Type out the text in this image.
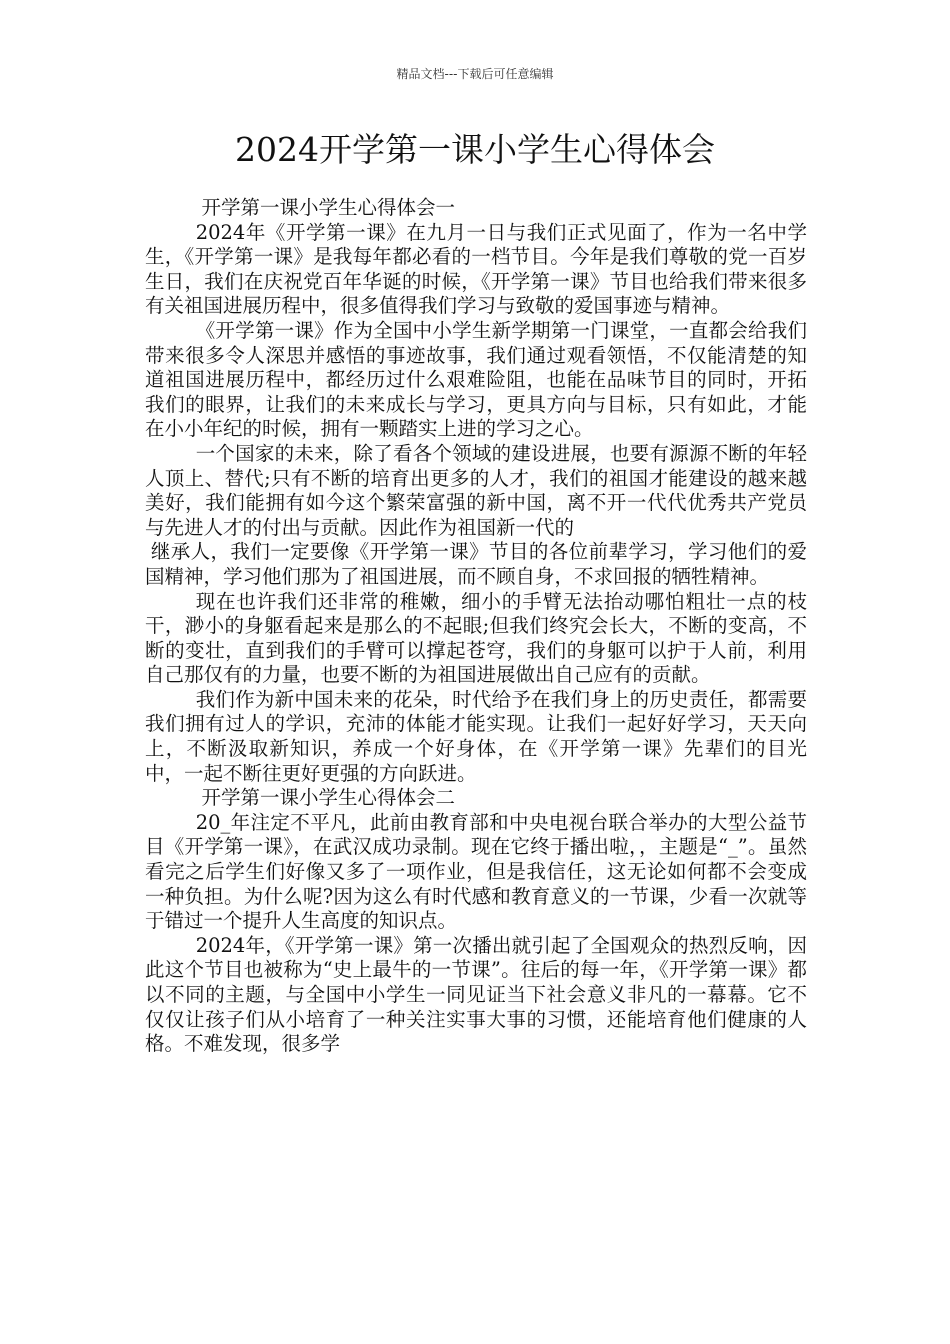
精品文档---下载后可任意编辑
2024开学第一课小学生心得体会

开学第一课小学生心得体会一

2024年《开学第一课》在九月一日与我们正式见面了，作为一名中学生，《开学第一课》是我每年都必看的一档节目。今年是我们尊敬的党一百岁生日，我们在庆祝党百年华诞的时候，《开学第一课》节目也给我们带来很多有关祖国进展历程中，很多值得我们学习与致敬的爱国事迹与精神。

《开学第一课》作为全国中小学生新学期第一门课堂，一直都会给我们带来很多令人深思并感悟的事迹故事，我们通过观看领悟，不仅能清楚的知道祖国进展历程中，都经历过什么艰难险阻，也能在品味节目的同时，开拓我们的眼界，让我们的未来成长与学习，更具方向与目标，只有如此，才能在小小年纪的时候，拥有一颗踏实上进的学习之心。

一个国家的未来，除了看各个领域的建设进展，也要有源源不断的年轻人顶上、替代;只有不断的培育出更多的人才，我们的祖国才能建设的越来越美好，我们能拥有如今这个繁荣富强的新中国，离不开一代代优秀共产党员与先进人才的付出与贡献。因此作为祖国新一代的

继承人，我们一定要像《开学第一课》节目的各位前辈学习，学习他们的爱国精神，学习他们那为了祖国进展，而不顾自身，不求回报的牺牲精神。

现在也许我们还非常的稚嫩，细小的手臂无法抬动哪怕粗壮一点的枝干，渺小的身躯看起来是那么的不起眼;但我们终究会长大，不断的变高，不断的变壮，直到我们的手臂可以撑起苍穹，我们的身躯可以护于人前，利用自己那仅有的力量，也要不断的为祖国进展做出自己应有的贡献。

我们作为新中国未来的花朵，时代给予在我们身上的历史责任，都需要我们拥有过人的学识，充沛的体能才能实现。让我们一起好好学习，天天向上，不断汲取新知识，养成一个好身体，在《开学第一课》先辈们的目光中，一起不断往更好更强的方向跃进。

开学第一课小学生心得体会二

20_年注定不平凡，此前由教育部和中央电视台联合举办的大型公益节目《开学第一课》，在武汉成功录制。现在它终于播出啦，，主题是“_”。虽然看完之后学生们好像又多了一项作业，但是我信任，这无论如何都不会变成一种负担。为什么呢?因为这么有时代感和教育意义的一节课，少看一次就等于错过一个提升人生高度的知识点。

2024年，《开学第一课》第一次播出就引起了全国观众的热烈反响，因此这个节目也被称为“史上最牛的一节课”。往后的每一年，《开学第一课》都以不同的主题，与全国中小学生一同见证当下社会意义非凡的一幕幕。它不仅仅让孩子们从小培育了一种关注实事大事的习惯，还能培育他们健康的人格。不难发现，很多学
